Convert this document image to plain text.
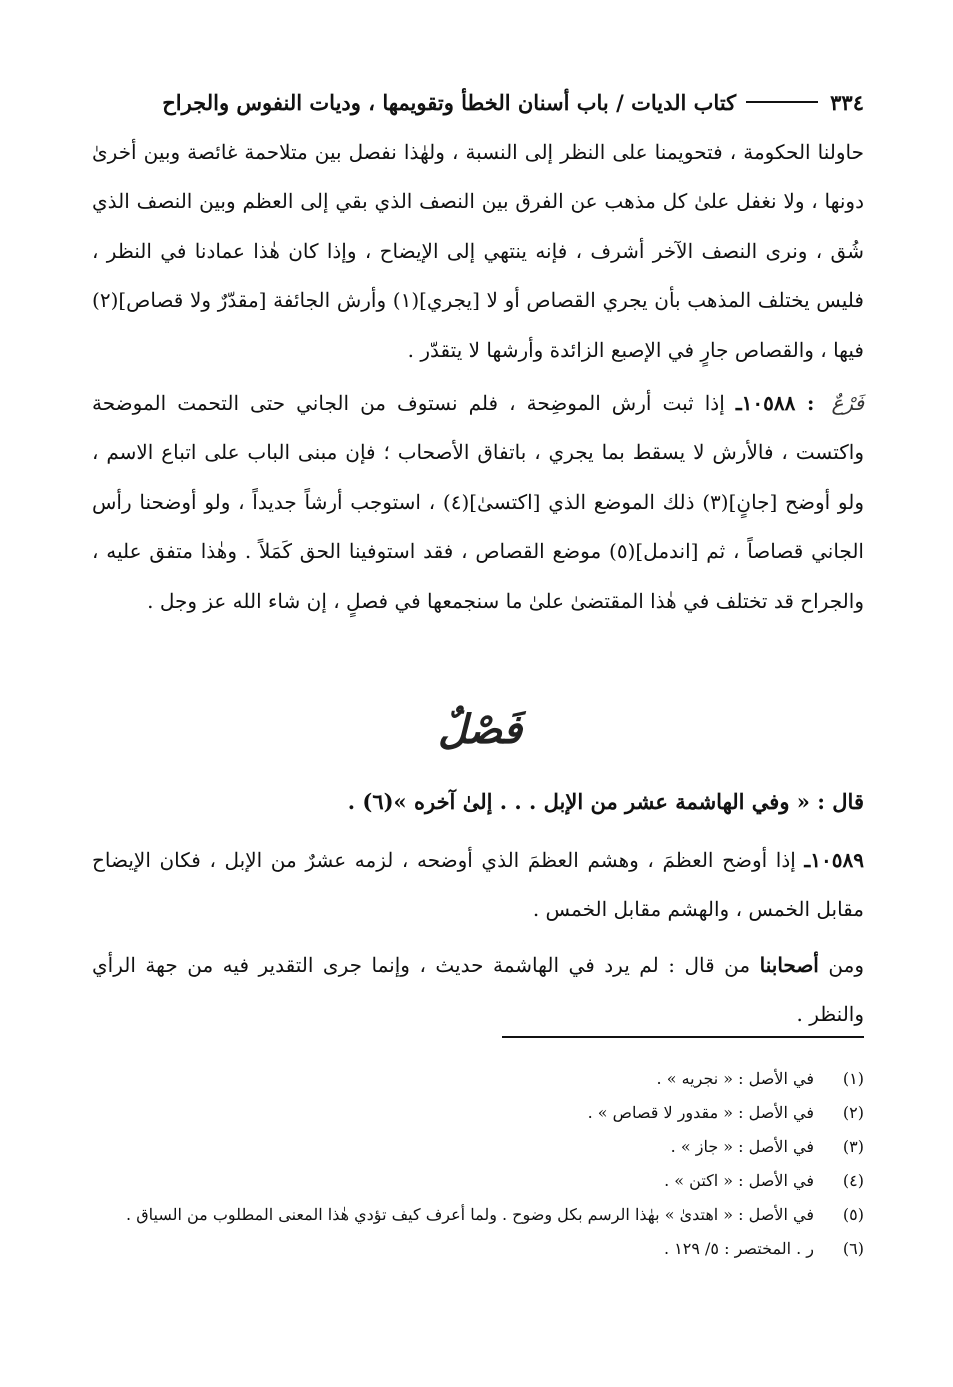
٣٣٤
كتاب الديات / باب أسنان الخطأ وتقويمها ، وديات النفوس والجراح

حاولنا الحكومة ، فتحويمنا على النظر إلى النسبة ، ولهٰذا نفصل بين متلاحمة غائصة وبين أخرىٰ دونها ، ولا نغفل علىٰ كل مذهب عن الفرق بين النصف الذي بقي إلى العظم وبين النصف الذي شُق ، ونرى النصف الآخر أشرف ، فإنه ينتهي إلى الإيضاح ، وإذا كان هٰذا عمادنا في النظر ، فليس يختلف المذهب بأن يجري القصاص أو لا [يجري](١) وأرش الجائفة [مقدّرٌ ولا قصاص](٢) فيها ، والقصاص جارٍ في الإصبع الزائدة وأرشها لا يتقدّر .

فَرْعٌ : ١٠٥٨٨ـ إذا ثبت أرش الموضِحة ، فلم نستوف من الجاني حتى التحمت الموضحة واكتست ، فالأرش لا يسقط بما يجري ، باتفاق الأصحاب ؛ فإن مبنى الباب على اتباع الاسم ، ولو أوضح [جانٍ](٣) ذلك الموضع الذي [اكتسىٰ](٤) ، استوجب أرشاً جديداً ، ولو أوضحنا رأس الجاني قصاصاً ، ثم [اندمل](٥) موضع القصاص ، فقد استوفينا الحق كَمَلاً . وهٰذا متفق عليه ، والجراح قد تختلف في هٰذا المقتضىٰ علىٰ ما سنجمعها في فصلٍ ، إن شاء الله عز وجل .

فَصْلٌ
قال : « وفي الهاشمة عشر من الإبل . . . إلىٰ آخره »(٦) .

١٠٥٨٩ـ إذا أوضح العظمَ ، وهشم العظمَ الذي أوضحه ، لزمه عشرٌ من الإبل ، فكان الإيضاح مقابل الخمس ، والهشم مقابل الخمس .

ومن أصحابنا من قال : لم يرد في الهاشمة حديث ، وإنما جرى التقدير فيه من جهة الرأي والنظر .

(١)
في الأصل : « نجريه » .
(٢)
في الأصل : « مقدور لا قصاص » .
(٣)
في الأصل : « جاز » .
(٤)
في الأصل : « اكتن » .
(٥)
في الأصل : « اهتدىٰ » بهٰذا الرسم بكل وضوح . ولما أعرف كيف تؤدي هٰذا المعنى المطلوب من السياق .
(٦)
ر . المختصر : ٥/ ١٢٩ .
